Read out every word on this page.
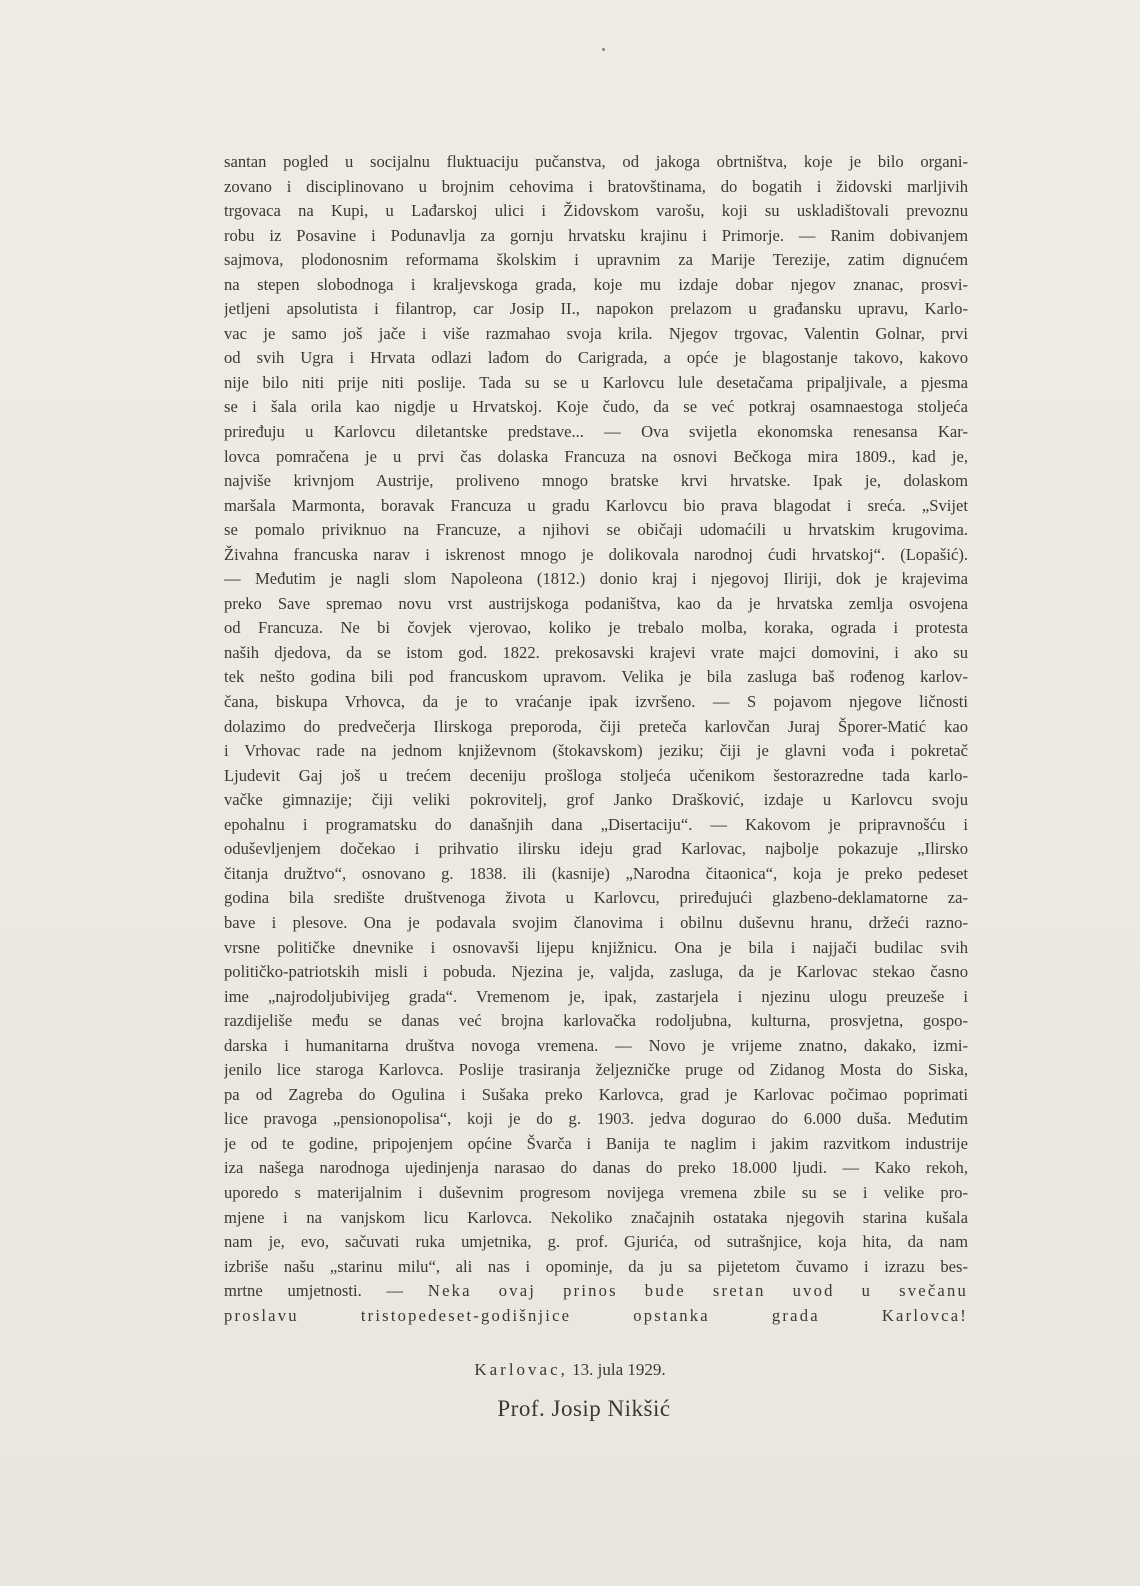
santan pogled u socijalnu fluktuaciju pučanstva, od jakoga obrtništva, koje je bilo organi-
zovano i disciplinovano u brojnim cehovima i bratovštinama, do bogatih i židovski marljivih
trgovaca na Kupi, u Lađarskoj ulici i Židovskom varošu, koji su uskladištovali prevoznu
robu iz Posavine i Podunavlja za gornju hrvatsku krajinu i Primorje. — Ranim dobivanjem
sajmova, plodonosnim reformama školskim i upravnim za Marije Terezije, zatim dignućem
na stepen slobodnoga i kraljevskoga grada, koje mu izdaje dobar njegov znanac, prosvi-
jetljeni apsolutista i filantrop, car Josip II., napokon prelazom u građansku upravu, Karlo-
vac je samo još jače i više razmahao svoja krila. Njegov trgovac, Valentin Golnar, prvi
od svih Ugra i Hrvata odlazi lađom do Carigrada, a opće je blagostanje takovo, kakovo
nije bilo niti prije niti poslije. Tada su se u Karlovcu lule desetačama pripaljivale, a pjesma
se i šala orila kao nigdje u Hrvatskoj. Koje čudo, da se već potkraj osamnaestoga stoljeća
priređuju u Karlovcu diletantske predstave... — Ova svijetla ekonomska renesansa Kar-
lovca pomračena je u prvi čas dolaska Francuza na osnovi Bečkoga mira 1809., kad je,
najviše krivnjom Austrije, proliveno mnogo bratske krvi hrvatske. Ipak je, dolaskom
maršala Marmonta, boravak Francuza u gradu Karlovcu bio prava blagodat i sreća. „Svijet
se pomalo priviknuo na Francuze, a njihovi se običaji udomaćili u hrvatskim krugovima.
Živahna francuska narav i iskrenost mnogo je dolikovala narodnoj ćudi hrvatskoj“. (Lopašić).
— Međutim je nagli slom Napoleona (1812.) donio kraj i njegovoj Iliriji, dok je krajevima
preko Save spremao novu vrst austrijskoga podaništva, kao da je hrvatska zemlja osvojena
od Francuza. Ne bi čovjek vjerovao, koliko je trebalo molba, koraka, ograda i protesta
naših djedova, da se istom god. 1822. prekosavski krajevi vrate majci domovini, i ako su
tek nešto godina bili pod francuskom upravom. Velika je bila zasluga baš rođenog karlov-
čana, biskupa Vrhovca, da je to vraćanje ipak izvršeno. — S pojavom njegove ličnosti
dolazimo do predvečerja Ilirskoga preporoda, čiji preteča karlovčan Juraj Šporer-Matić kao
i Vrhovac rade na jednom književnom (štokavskom) jeziku; čiji je glavni vođa i pokretač
Ljudevit Gaj još u trećem deceniju prošloga stoljeća učenikom šestorazredne tada karlo-
vačke gimnazije; čiji veliki pokrovitelj, grof Janko Drašković, izdaje u Karlovcu svoju
epohalnu i programatsku do današnjih dana „Disertaciju“. — Kakovom je pripravnošću i
oduševljenjem dočekao i prihvatio ilirsku ideju grad Karlovac, najbolje pokazuje „Ilirsko
čitanja družtvo“, osnovano g. 1838. ili (kasnije) „Narodna čitaonica“, koja je preko pedeset
godina bila središte društvenoga života u Karlovcu, priređujući glazbeno-deklamatorne za-
bave i plesove. Ona je podavala svojim članovima i obilnu duševnu hranu, držeći razno-
vrsne političke dnevnike i osnovavši lijepu knjižnicu. Ona je bila i najjači budilac svih
političko-patriotskih misli i pobuda. Njezina je, valjda, zasluga, da je Karlovac stekao časno
ime „najrodoljubivijeg grada“. Vremenom je, ipak, zastarjela i njezinu ulogu preuzeše i
razdijeliše među se danas već brojna karlovačka rodoljubna, kulturna, prosvjetna, gospo-
darska i humanitarna društva novoga vremena. — Novo je vrijeme znatno, dakako, izmi-
jenilo lice staroga Karlovca. Poslije trasiranja željezničke pruge od Zidanog Mosta do Siska,
pa od Zagreba do Ogulina i Sušaka preko Karlovca, grad je Karlovac počimao poprimati
lice pravoga „pensionopolisa“, koji je do g. 1903. jedva dogurao do 6.000 duša. Međutim
je od te godine, pripojenjem općine Švarča i Banija te naglim i jakim razvitkom industrije
iza našega narodnoga ujedinjenja narasao do danas do preko 18.000 ljudi. — Kako rekoh,
uporedo s materijalnim i duševnim progresom novijega vremena zbile su se i velike pro-
mjene i na vanjskom licu Karlovca. Nekoliko značajnih ostataka njegovih starina kušala
nam je, evo, sačuvati ruka umjetnika, g. prof. Gjurića, od sutrašnjice, koja hita, da nam
izbriše našu „starinu milu“, ali nas i opominje, da ju sa pijetetom čuvamo i izrazu bes-
mrtne umjetnosti. — Neka ovaj prinos bude sretan uvod u svečanu
proslavu tristopedeset-godišnjice opstanka grada Karlovca!
Karlovac, 13. jula 1929.
Prof. Josip Nikšić
